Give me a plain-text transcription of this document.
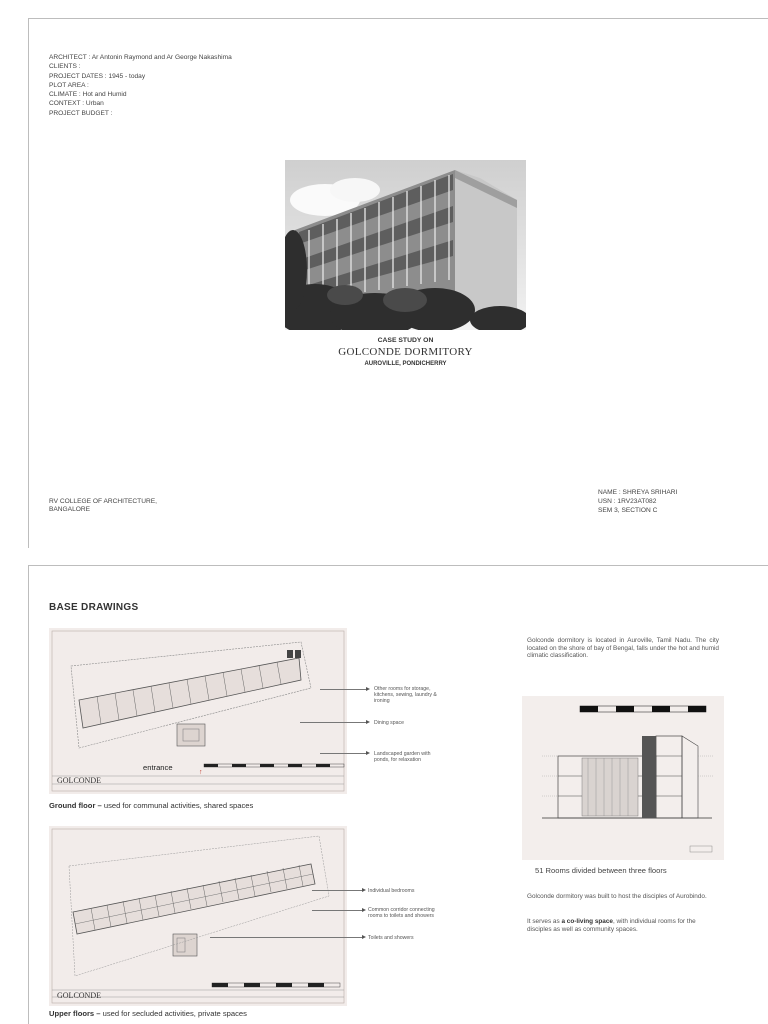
ARCHITECT : Ar Antonin Raymond and Ar George Nakashima
CLIENTS :
PROJECT DATES : 1945 - today
PLOT AREA :
CLIMATE : Hot and Humid
CONTEXT : Urban
PROJECT BUDGET :
CASE STUDY ON
GOLCONDE DORMITORY
AUROVILLE, PONDICHERRY
RV COLLEGE OF ARCHITECTURE,
BANGALORE
NAME : SHREYA SRIHARI
USN : 1RV23AT082
SEM 3, SECTION C
BASE DRAWINGS
GOLCONDE
↑
entrance
Ground floor – used for communal activities, shared spaces
Other rooms for storage, kitchens, sewing, laundry & ironing
Dining space
Landscaped garden with ponds, for relaxation
GOLCONDE
Upper floors – used for secluded activities, private spaces
Individual bedrooms
Common corridor connecting rooms to toilets and showers
Toilets and showers
Golconde dormitory is located in Auroville, Tamil Nadu. The city located on the shore of bay of Bengal, falls under the hot and humid climatic classification.
51 Rooms divided between three floors
Golconde dormitory was built to host the disciples of Aurobindo.
It serves as a co-living space, with individual rooms for the disciples as well as community spaces.
